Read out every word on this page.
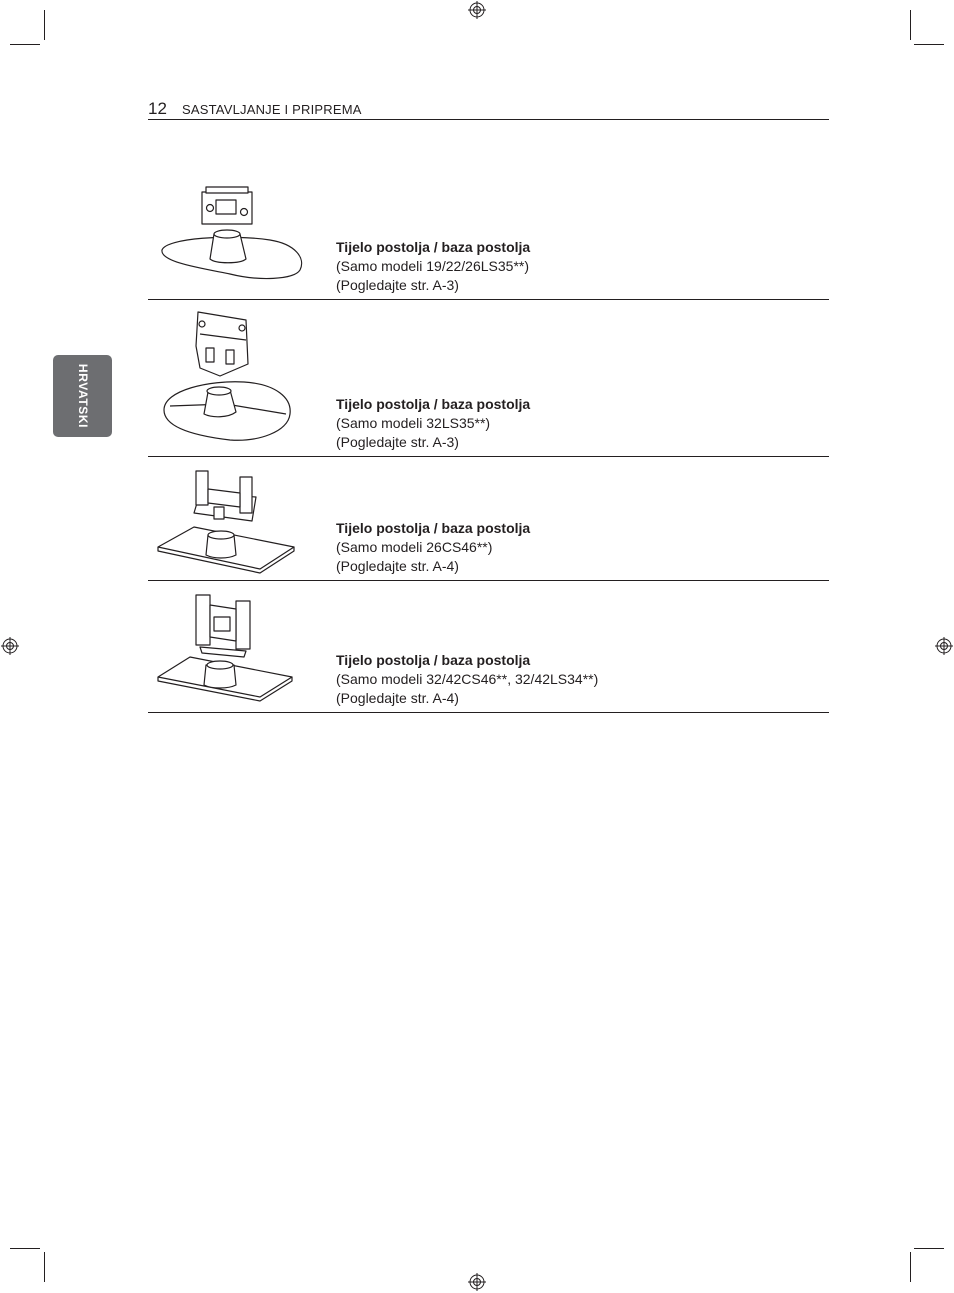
12 SASTAVLJANJE I PRIPREMA
HRVATSKI
Tijelo postolja / baza postolja
(Samo modeli 19/22/26LS35**)
(Pogledajte str. A-3)
Tijelo postolja / baza postolja
(Samo modeli 32LS35**)
(Pogledajte str. A-3)
Tijelo postolja / baza postolja
(Samo modeli 26CS46**)
(Pogledajte str. A-4)
Tijelo postolja / baza postolja
(Samo modeli 32/42CS46**, 32/42LS34**)
(Pogledajte str. A-4)
